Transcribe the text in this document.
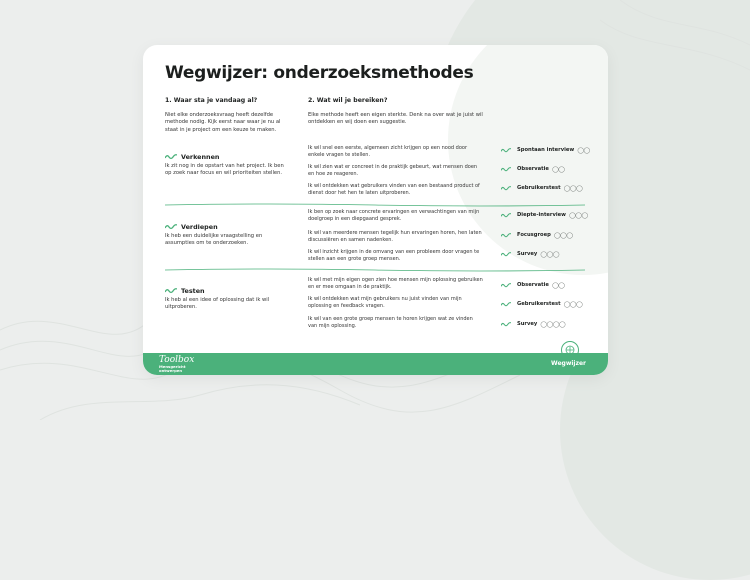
Wegwijzer: onderzoeksmethodes
1. Waar sta je vandaag al?
Niet elke onderzoeksvraag heeft dezelfde methode nodig. Kijk eerst naar waar je nu al staat in je project om een keuze te maken.
2. Wat wil je bereiken?
Elke methode heeft een eigen sterkte. Denk na over wat je juist wil ontdekken en wij doen een suggestie.
Verkennen
Ik zit nog in de opstart van het project. Ik ben op zoek naar focus en wil prioriteiten stellen.
Ik wil snel een eerste, algemeen zicht krijgen op een nood door enkele vragen te stellen.
Ik wil zien wat er concreet in de praktijk gebeurt, wat mensen doen en hoe ze reageren.
Ik wil ontdekken wat gebruikers vinden van een bestaand product of dienst door het hen te laten uitproberen.
Spontaan interview ◯◯
Observatie ◯◯
Gebruikerstest ◯◯◯
Verdiepen
Ik heb een duidelijke vraagstelling en assumpties om te onderzoeken.
Ik ben op zoek naar concrete ervaringen en verwachtingen van mijn doelgroep in een diepgaand gesprek.
Ik wil van meerdere mensen tegelijk hun ervaringen horen, hen laten discussiëren en samen nadenken.
Ik wil inzicht krijgen in de omvang van een probleem door vragen te stellen aan een grote groep mensen.
Diepte-interview ◯◯◯
Focusgroep ◯◯◯
Survey ◯◯◯
Testen
Ik heb al een idee of oplossing dat ik wil uitproberen.
Ik wil met mijn eigen ogen zien hoe mensen mijn oplossing gebruiken en er mee omgaan in de praktijk.
Ik wil ontdekken wat mijn gebruikers nu juist vinden van mijn oplossing en feedback vragen.
Ik wil van een grote groep mensen te horen krijgen wat ze vinden van mijn oplossing.
Observatie ◯◯
Gebruikerstest ◯◯◯
Survey ◯◯◯◯
Toolbox
Mensgericht
ontwerpen
Wegwijzer
